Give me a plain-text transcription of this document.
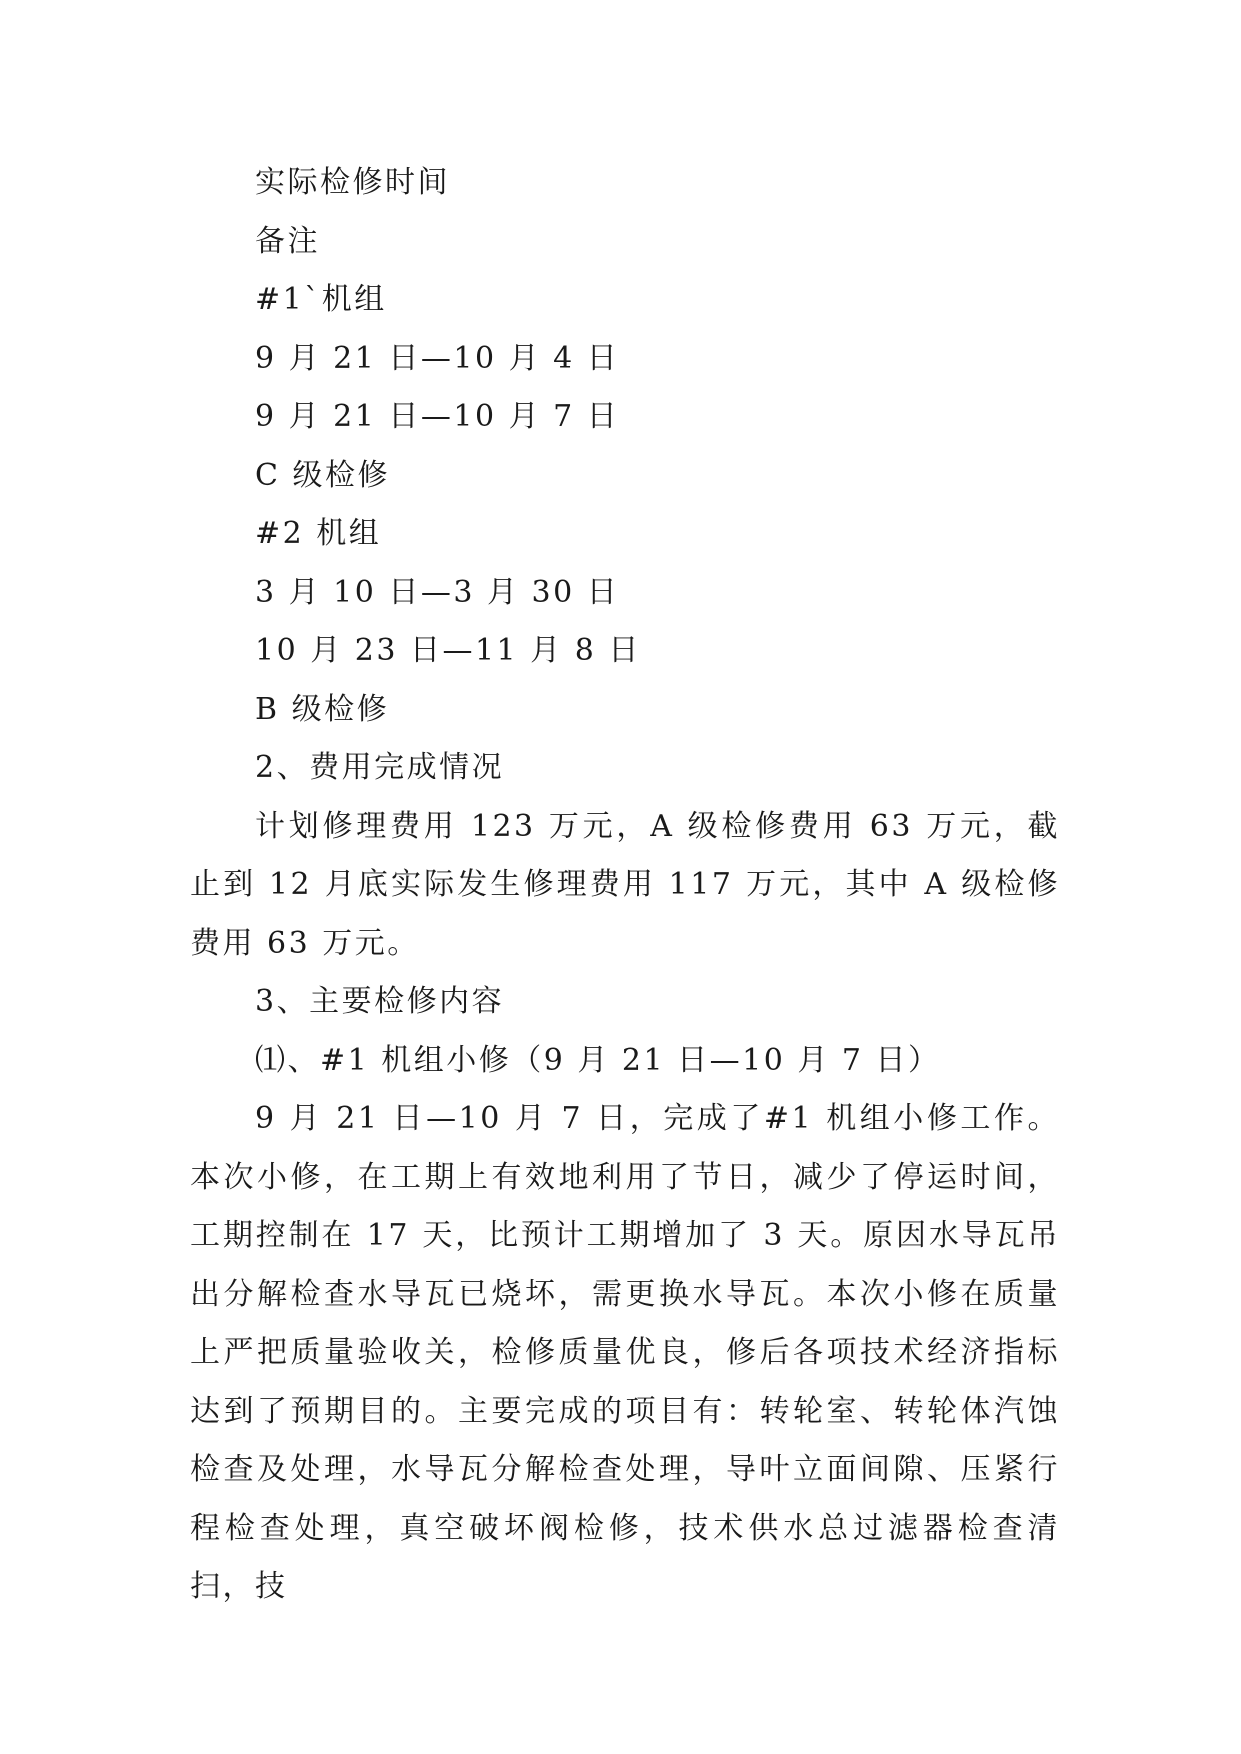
实际检修时间

备注

#1`机组

9 月 21 日—10 月 4 日

9 月 21 日—10 月 7 日

C 级检修

#2 机组

3 月 10 日—3 月 30 日

10 月 23 日—11 月 8 日

B 级检修

2、费用完成情况

计划修理费用 123 万元，A 级检修费用 63 万元，截止到 12 月底实际发生修理费用 117 万元，其中 A 级检修费用 63 万元。

3、主要检修内容

⑴、#1 机组小修（9 月 21 日—10 月 7 日）

9 月 21 日—10 月 7 日，完成了#1 机组小修工作。本次小修，在工期上有效地利用了节日，减少了停运时间，工期控制在 17 天，比预计工期增加了 3 天。原因水导瓦吊出分解检查水导瓦已烧坏，需更换水导瓦。本次小修在质量上严把质量验收关，检修质量优良，修后各项技术经济指标达到了预期目的。主要完成的项目有：转轮室、转轮体汽蚀检查及处理，水导瓦分解检查处理，导叶立面间隙、压紧行程检查处理，真空破坏阀检修，技术供水总过滤器检查清扫，技
